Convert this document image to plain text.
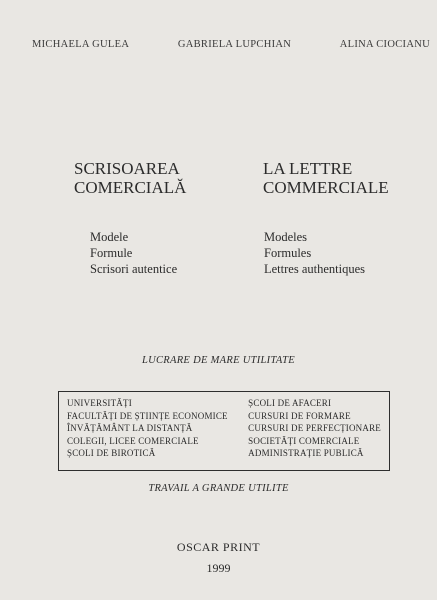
MICHAELA GULEA	GABRIELA LUPCHIAN	ALINA CIOCIANU
SCRISOAREA
COMERCIALĂ
LA LETTRE
COMMERCIALE
Modele
Formule
Scrisori autentice
Modeles
Formules
Lettres authentiques
LUCRARE DE MARE UTILITATE
UNIVERSITĂȚI
FACULTĂȚI DE ȘTIINȚE ECONOMICE
ÎNVĂȚĂMÂNT LA DISTANȚĂ
COLEGII, LICEE COMERCIALE
ȘCOLI DE BIROTICĂ
ȘCOLI DE AFACERI
CURSURI DE FORMARE
CURSURI DE PERFECȚIONARE
SOCIETĂȚI COMERCIALE
ADMINISTRAȚIE PUBLICĂ
TRAVAIL A GRANDE UTILITE
OSCAR PRINT
1999
